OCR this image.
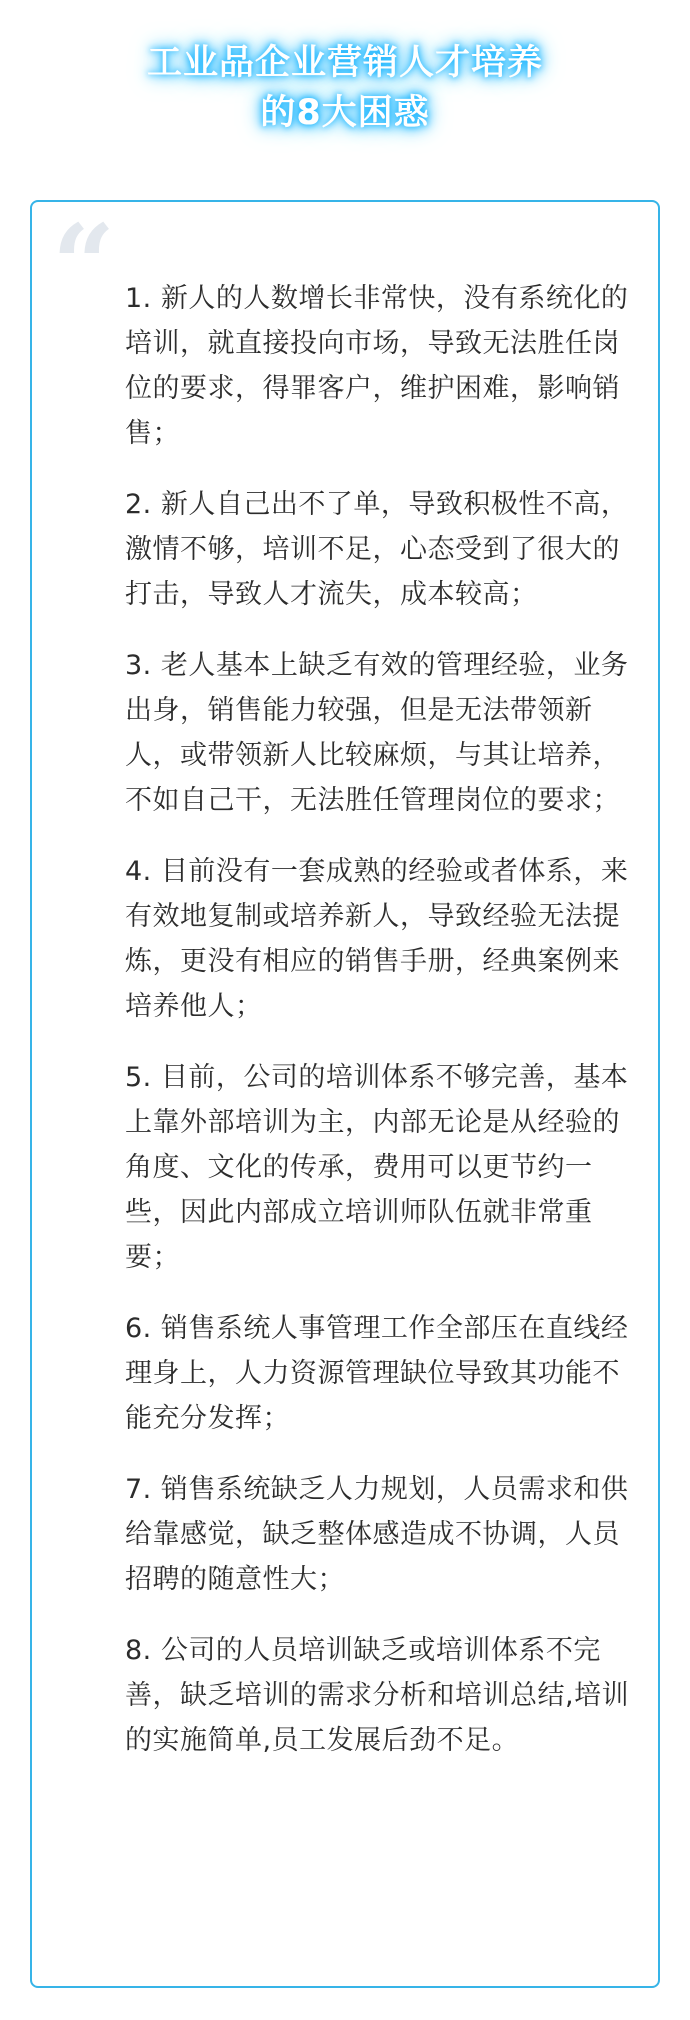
工业品企业营销人才培养
的8大困惑
“ 1. 新人的人数增长非常快，没有系统化的培训，就直接投向市场，导致无法胜任岗位的要求，得罪客户，维护困难，影响销售；

2. 新人自己出不了单，导致积极性不高，激情不够，培训不足，心态受到了很大的打击，导致人才流失，成本较高；

3. 老人基本上缺乏有效的管理经验，业务出身，销售能力较强，但是无法带领新人，或带领新人比较麻烦，与其让培养，不如自己干，无法胜任管理岗位的要求；

4. 目前没有一套成熟的经验或者体系，来有效地复制或培养新人，导致经验无法提炼，更没有相应的销售手册，经典案例来培养他人；

5. 目前，公司的培训体系不够完善，基本上靠外部培训为主，内部无论是从经验的角度、文化的传承，费用可以更节约一些，因此内部成立培训师队伍就非常重要；

6. 销售系统人事管理工作全部压在直线经理身上，人力资源管理缺位导致其功能不能充分发挥；

7. 销售系统缺乏人力规划，人员需求和供给靠感觉，缺乏整体感造成不协调，人员招聘的随意性大；

8. 公司的人员培训缺乏或培训体系不完善，缺乏培训的需求分析和培训总结,培训的实施简单,员工发展后劲不足。
